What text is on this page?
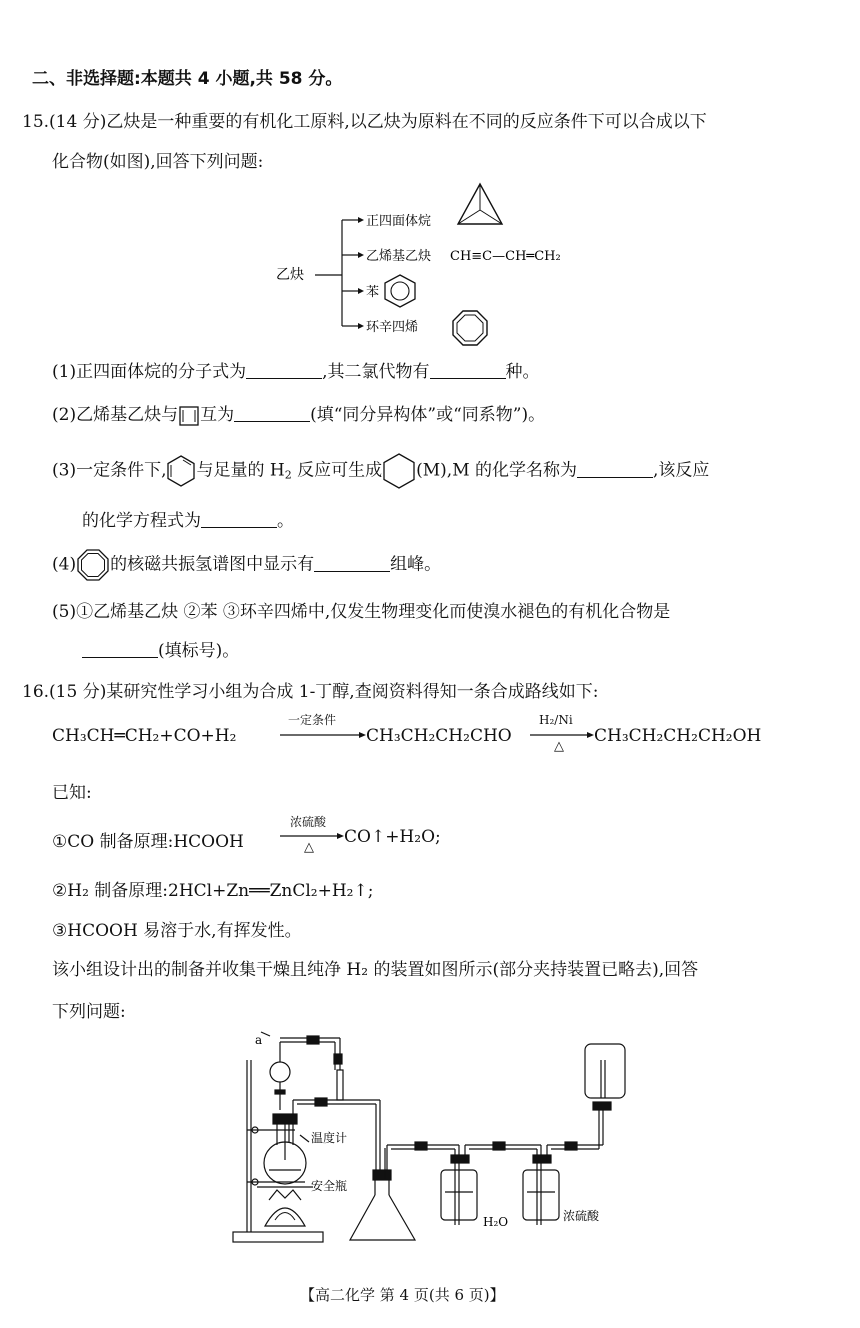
二、非选择题:本题共 4 小题,共 58 分。
15.(14 分)乙炔是一种重要的有机化工原料,以乙炔为原料在不同的反应条件下可以合成以下
化合物(如图),回答下列问题:
乙炔
正四面体烷
乙烯基乙炔 CH≡C—CH═CH₂
苯
环辛四烯
(1)正四面体烷的分子式为	,其二氯代物有	种。
(2)乙烯基乙炔与 互为	(填“同分异构体”或“同系物”)。
(3)一定条件下, 与足量的 $H_2$ 反应可生成 (M),M 的化学名称为	,该反应
的化学方程式为	。
(4) 的核磁共振氢谱图中显示有	组峰。
(5)①乙烯基乙炔 ②苯 ③环辛四烯中,仅发生物理变化而使溴水褪色的有机化合物是
(填标号)。
16.(15 分)某研究性学习小组为合成 1-丁醇,查阅资料得知一条合成路线如下:
CH₃CH═CH₂+CO+H₂
一定条件
CH₃CH₂CH₂CHO
H₂/Ni
△
CH₃CH₂CH₂CH₂OH
已知:
①CO 制备原理:HCOOH
浓硫酸
△
CO↑+H₂O;
②H₂ 制备原理:2HCl+Zn══ZnCl₂+H₂↑;
③HCOOH 易溶于水,有挥发性。
该小组设计出的制备并收集干燥且纯净 H₂ 的装置如图所示(部分夹持装置已略去),回答
下列问题:
a
温度计
安全瓶
H₂O	浓硫酸
【高二化学 第 4 页(共 6 页)】
